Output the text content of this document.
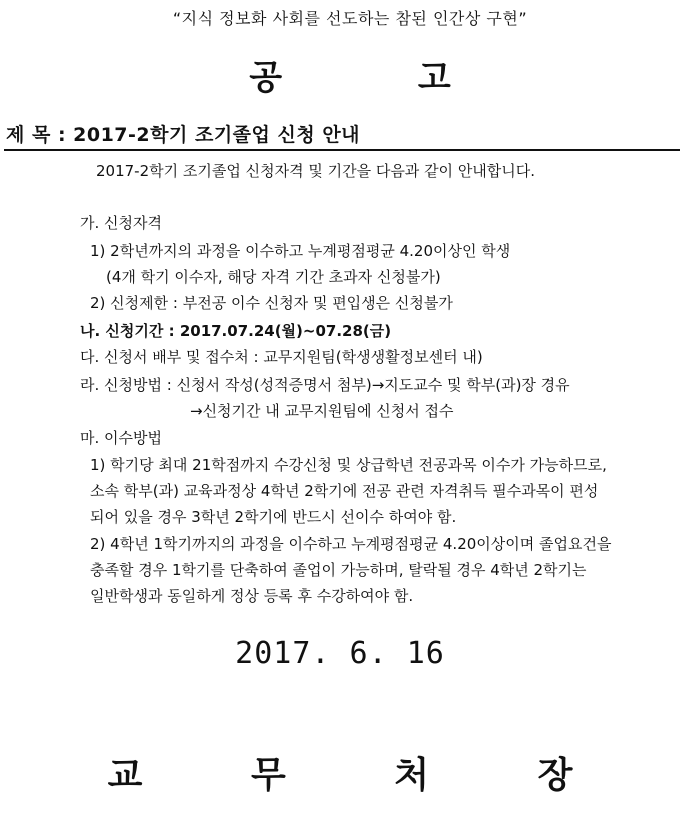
“지식 정보화 사회를 선도하는 참된 인간상 구현”
공 고
제 목 : 2017-2학기 조기졸업 신청 안내
2017-2학기 조기졸업 신청자격 및 기간을 다음과 같이 안내합니다.
가. 신청자격
1) 2학년까지의 과정을 이수하고 누계평점평균 4.20이상인 학생
(4개 학기 이수자, 해당 자격 기간 초과자 신청불가)
2) 신청제한 : 부전공 이수 신청자 및 편입생은 신청불가
나. 신청기간 : 2017.07.24(월)~07.28(금)
다. 신청서 배부 및 접수처 : 교무지원팀(학생생활정보센터 내)
라. 신청방법 : 신청서 작성(성적증명서 첨부)→지도교수 및 학부(과)장 경유
→신청기간 내 교무지원팀에 신청서 접수
마. 이수방법
1) 학기당 최대 21학점까지 수강신청 및 상급학년 전공과목 이수가 가능하므로,
소속 학부(과) 교육과정상 4학년 2학기에 전공 관련 자격취득 필수과목이 편성
되어 있을 경우 3학년 2학기에 반드시 선이수 하여야 함.
2) 4학년 1학기까지의 과정을 이수하고 누계평점평균 4.20이상이며 졸업요건을
충족할 경우 1학기를 단축하여 졸업이 가능하며, 탈락될 경우 4학년 2학기는
일반학생과 동일하게 정상 등록 후 수강하여야 함.
2017. 6. 16
교 무 처 장
